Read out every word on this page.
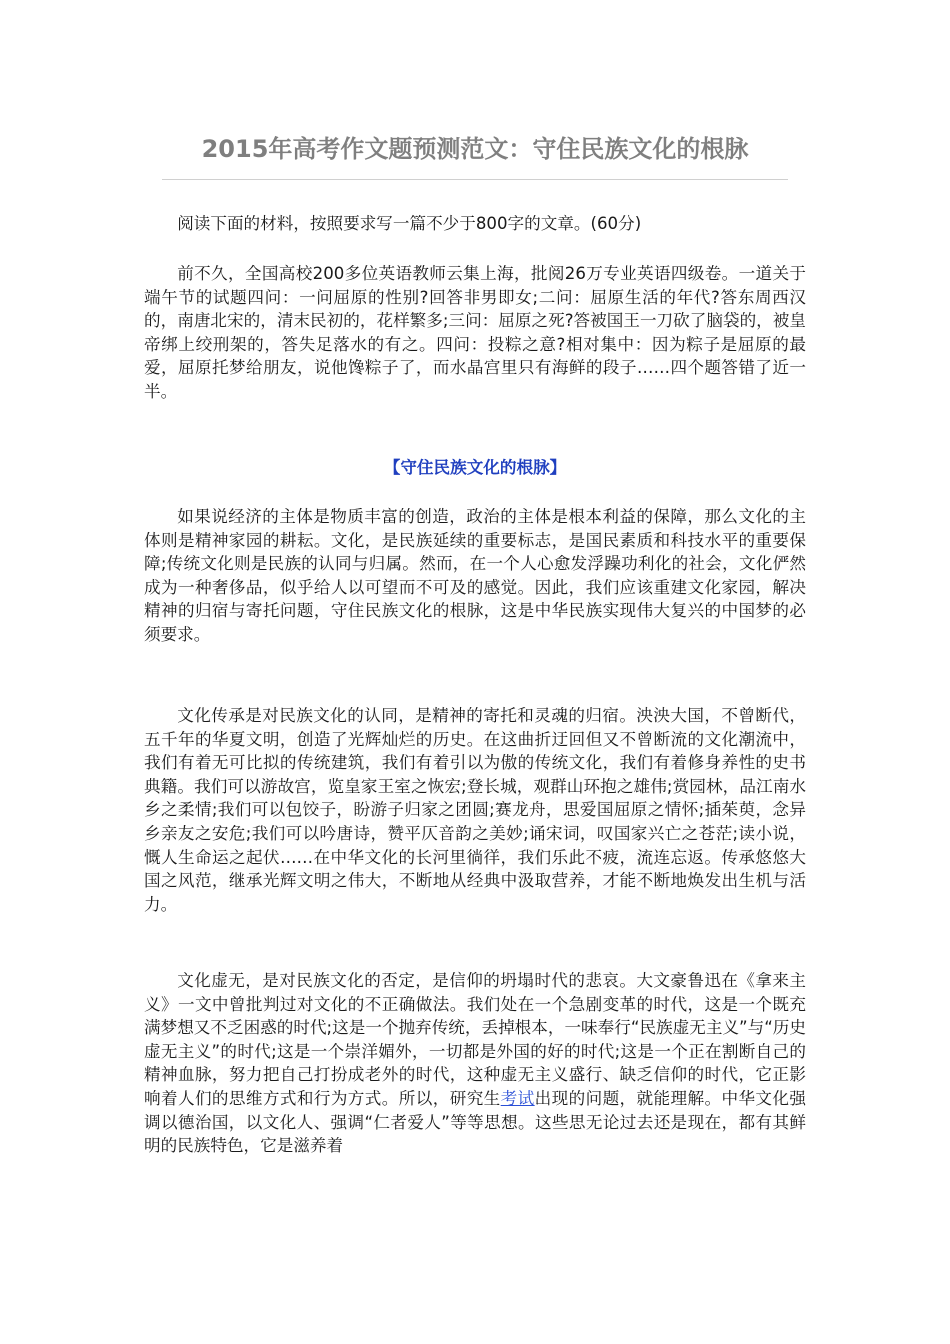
2015年高考作文题预测范文：守住民族文化的根脉

阅读下面的材料，按照要求写一篇不少于800字的文章。(60分)

前不久，全国高校200多位英语教师云集上海，批阅26万专业英语四级卷。一道关于端午节的试题四问：一问屈原的性别?回答非男即女;二问：屈原生活的年代?答东周西汉的，南唐北宋的，清末民初的，花样繁多;三问：屈原之死?答被国王一刀砍了脑袋的，被皇帝绑上绞刑架的，答失足落水的有之。四问：投粽之意?相对集中：因为粽子是屈原的最爱，屈原托梦给朋友，说他馋粽子了，而水晶宫里只有海鲜的段子……四个题答错了近一半。

【守住民族文化的根脉】

如果说经济的主体是物质丰富的创造，政治的主体是根本利益的保障，那么文化的主体则是精神家园的耕耘。文化，是民族延续的重要标志，是国民素质和科技水平的重要保障;传统文化则是民族的认同与归属。然而，在一个人心愈发浮躁功利化的社会，文化俨然成为一种奢侈品，似乎给人以可望而不可及的感觉。因此，我们应该重建文化家园，解决精神的归宿与寄托问题，守住民族文化的根脉，这是中华民族实现伟大复兴的中国梦的必须要求。

文化传承是对民族文化的认同，是精神的寄托和灵魂的归宿。泱泱大国，不曾断代，五千年的华夏文明，创造了光辉灿烂的历史。在这曲折迂回但又不曾断流的文化潮流中，我们有着无可比拟的传统建筑，我们有着引以为傲的传统文化，我们有着修身养性的史书典籍。我们可以游故宫，览皇家王室之恢宏;登长城，观群山环抱之雄伟;赏园林，品江南水乡之柔情;我们可以包饺子，盼游子归家之团圆;赛龙舟，思爱国屈原之情怀;插茱萸，念异乡亲友之安危;我们可以吟唐诗，赞平仄音韵之美妙;诵宋词，叹国家兴亡之苍茫;读小说，慨人生命运之起伏……在中华文化的长河里徜徉，我们乐此不疲，流连忘返。传承悠悠大国之风范，继承光辉文明之伟大，不断地从经典中汲取营养，才能不断地焕发出生机与活力。

文化虚无，是对民族文化的否定，是信仰的坍塌时代的悲哀。大文豪鲁迅在《拿来主义》一文中曾批判过对文化的不正确做法。我们处在一个急剧变革的时代，这是一个既充满梦想又不乏困惑的时代;这是一个抛弃传统，丢掉根本，一味奉行“民族虚无主义”与“历史虚无主义”的时代;这是一个崇洋媚外，一切都是外国的好的时代;这是一个正在割断自己的精神血脉，努力把自己打扮成老外的时代，这种虚无主义盛行、缺乏信仰的时代，它正影响着人们的思维方式和行为方式。所以，研究生考试出现的问题，就能理解。中华文化强调以德治国，以文化人、强调“仁者爱人”等等思想。这些思无论过去还是现在，都有其鲜明的民族特色，它是滋养着
